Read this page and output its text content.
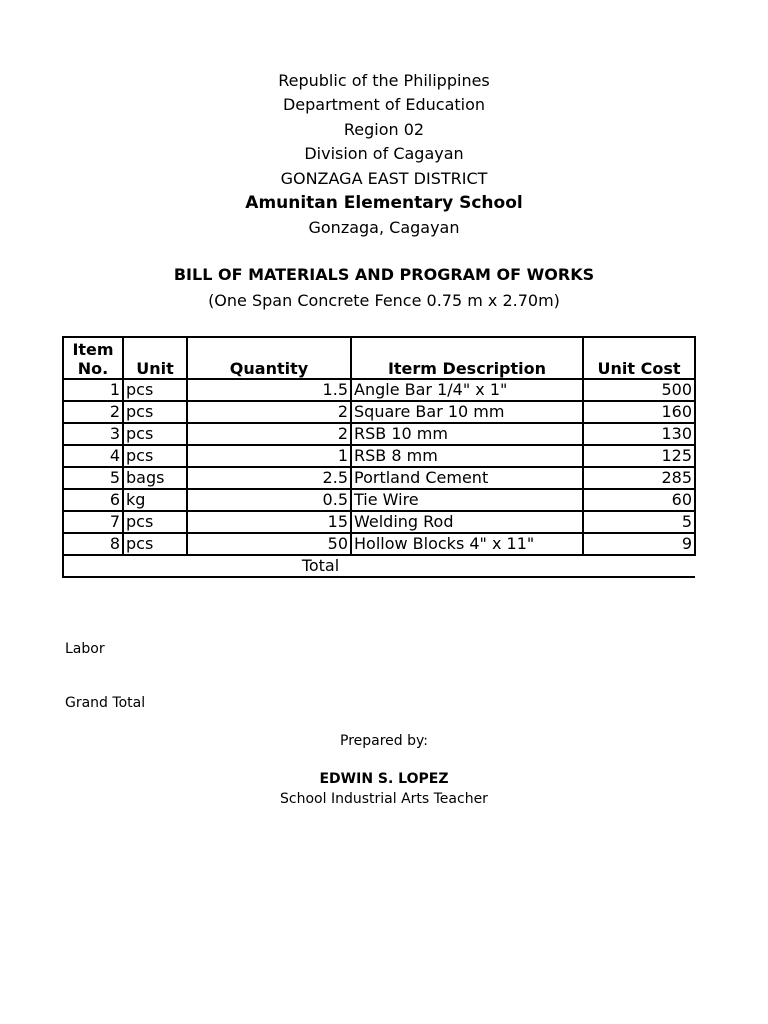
Republic of the Philippines
Department of Education
Region 02
Division of Cagayan
GONZAGA EAST DISTRICT
Amunitan Elementary School
Gonzaga, Cagayan
BILL OF MATERIALS AND PROGRAM OF WORKS
(One Span Concrete Fence 0.75 m x 2.70m)
Item
No.	Unit	Quantity	Iterm Description	Unit Cost
1	pcs	1.5	Angle Bar 1/4" x 1"	500
2	pcs	2	Square Bar 10 mm	160
3	pcs	2	RSB 10 mm	130
4	pcs	1	RSB 8 mm	125
5	bags	2.5	Portland Cement	285
6	kg	0.5	Tie Wire	60
7	pcs	15	Welding Rod	5
8	pcs	50	Hollow Blocks 4" x 11"	9
Total				
Labor
Grand Total
Prepared by:
EDWIN S. LOPEZ
School Industrial Arts Teacher
